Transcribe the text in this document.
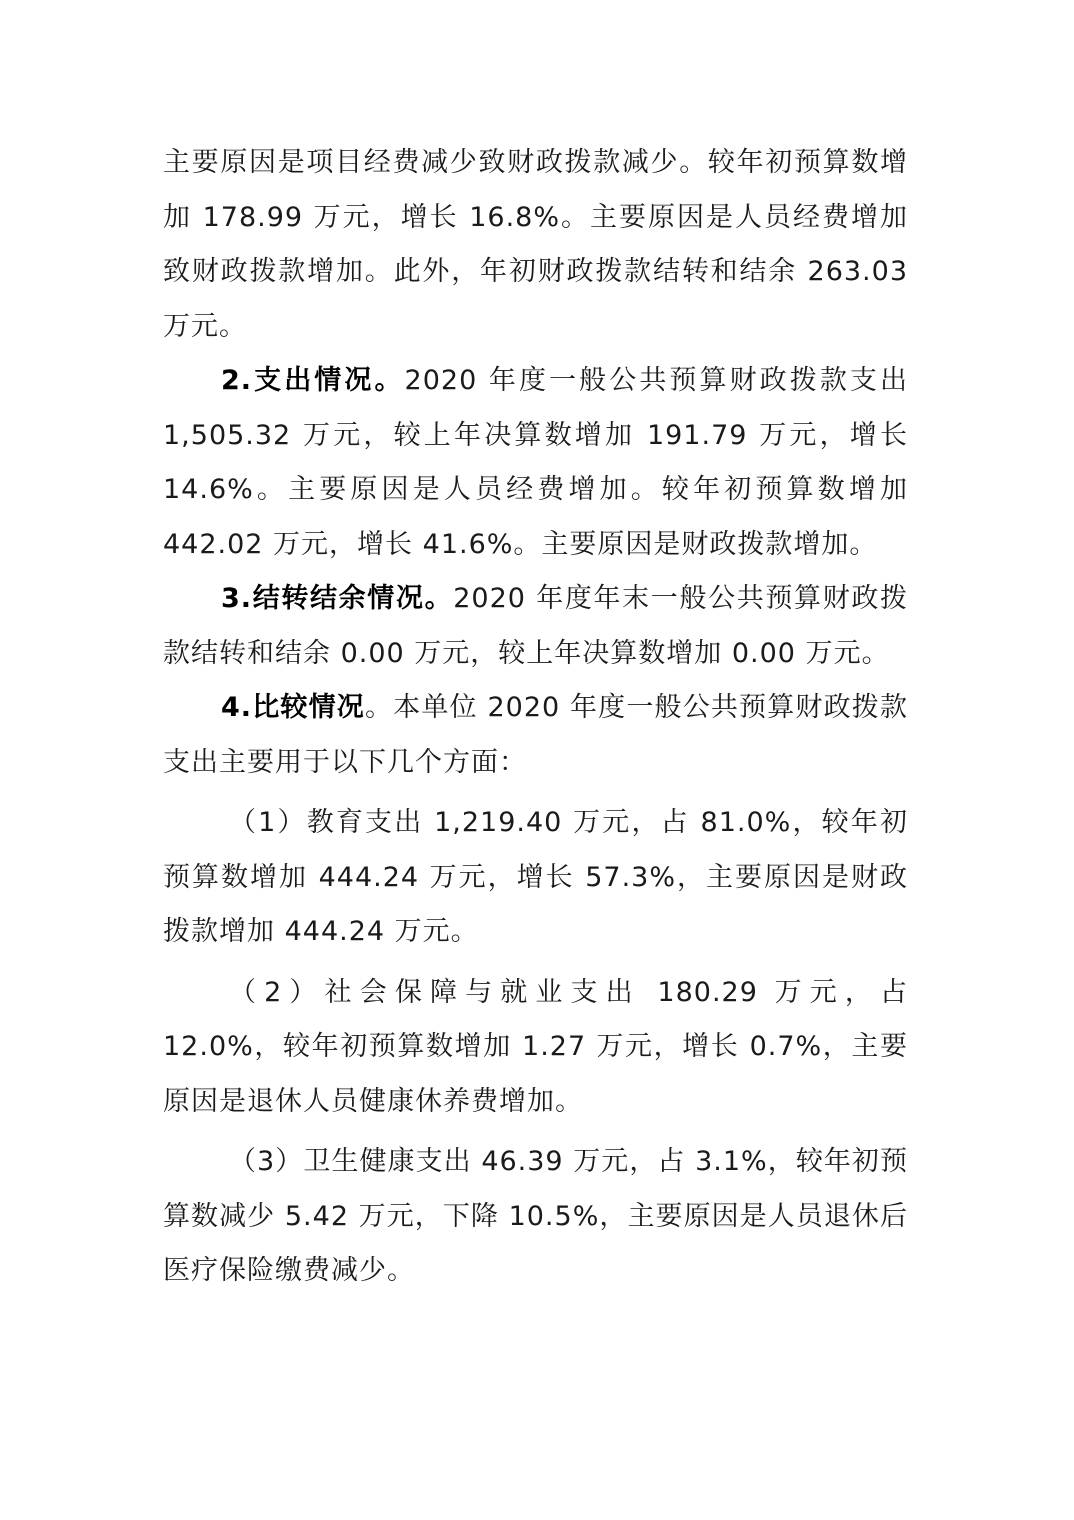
主要原因是项目经费减少致财政拨款减少。较年初预算数增加 178.99 万元，增长 16.8%。主要原因是人员经费增加致财政拨款增加。此外，年初财政拨款结转和结余 263.03 万元。

2.支出情况。2020 年度一般公共预算财政拨款支出 1,505.32 万元，较上年决算数增加 191.79 万元，增长 14.6%。主要原因是人员经费增加。较年初预算数增加 442.02 万元，增长 41.6%。主要原因是财政拨款增加。

3.结转结余情况。2020 年度年末一般公共预算财政拨款结转和结余 0.00 万元，较上年决算数增加 0.00 万元。

4.比较情况。本单位 2020 年度一般公共预算财政拨款支出主要用于以下几个方面：

（1）教育支出 1,219.40 万元，占 81.0%，较年初预算数增加 444.24 万元，增长 57.3%，主要原因是财政拨款增加 444.24 万元。

（2）社会保障与就业支出 180.29 万元，占 12.0%，较年初预算数增加 1.27 万元，增长 0.7%，主要原因是退休人员健康休养费增加。

（3）卫生健康支出 46.39 万元，占 3.1%，较年初预算数减少 5.42 万元，下降 10.5%，主要原因是人员退休后医疗保险缴费减少。
